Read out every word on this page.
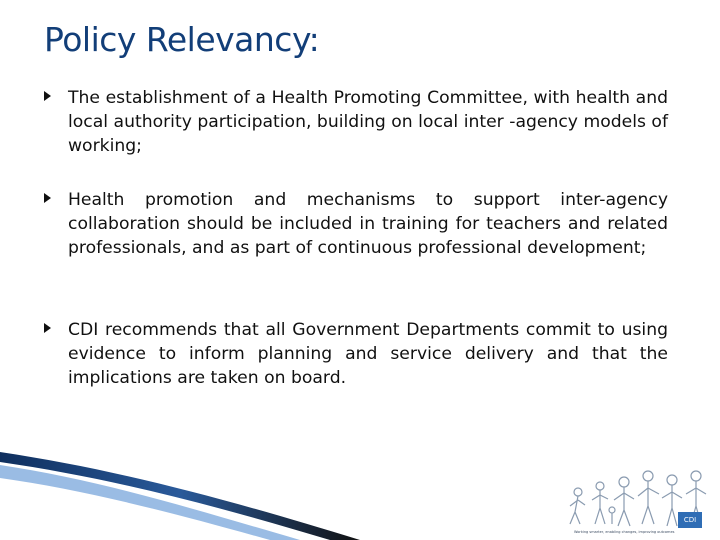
Policy Relevancy:

The establishment of a Health Promoting Committee, with health and local authority participation, building on local inter -agency models of working;

Health promotion and mechanisms to support inter-agency collaboration should be included in training for teachers and related professionals, and as part of continuous professional development;

CDI recommends that all Government Departments commit to using evidence to inform planning and service delivery and that the implications are taken on board.

CDI
Working smarter, enabling changes, improving outcomes
